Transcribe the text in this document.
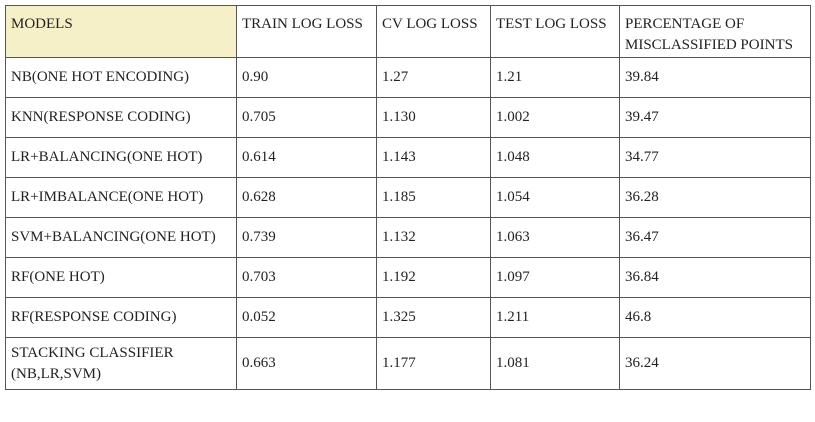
MODELS	TRAIN LOG LOSS	CV LOG LOSS	TEST LOG LOSS	PERCENTAGE OF
MISCLASSIFIED POINTS
NB(ONE HOT ENCODING)	0.90	1.27	1.21	39.84
KNN(RESPONSE CODING)	0.705	1.130	1.002	39.47
LR+BALANCING(ONE HOT)	0.614	1.143	1.048	34.77
LR+IMBALANCE(ONE HOT)	0.628	1.185	1.054	36.28
SVM+BALANCING(ONE HOT)	0.739	1.132	1.063	36.47
RF(ONE HOT)	0.703	1.192	1.097	36.84
RF(RESPONSE CODING)	0.052	1.325	1.211	46.8
STACKING CLASSIFIER
(NB,LR,SVM)	0.663	1.177	1.081	36.24
